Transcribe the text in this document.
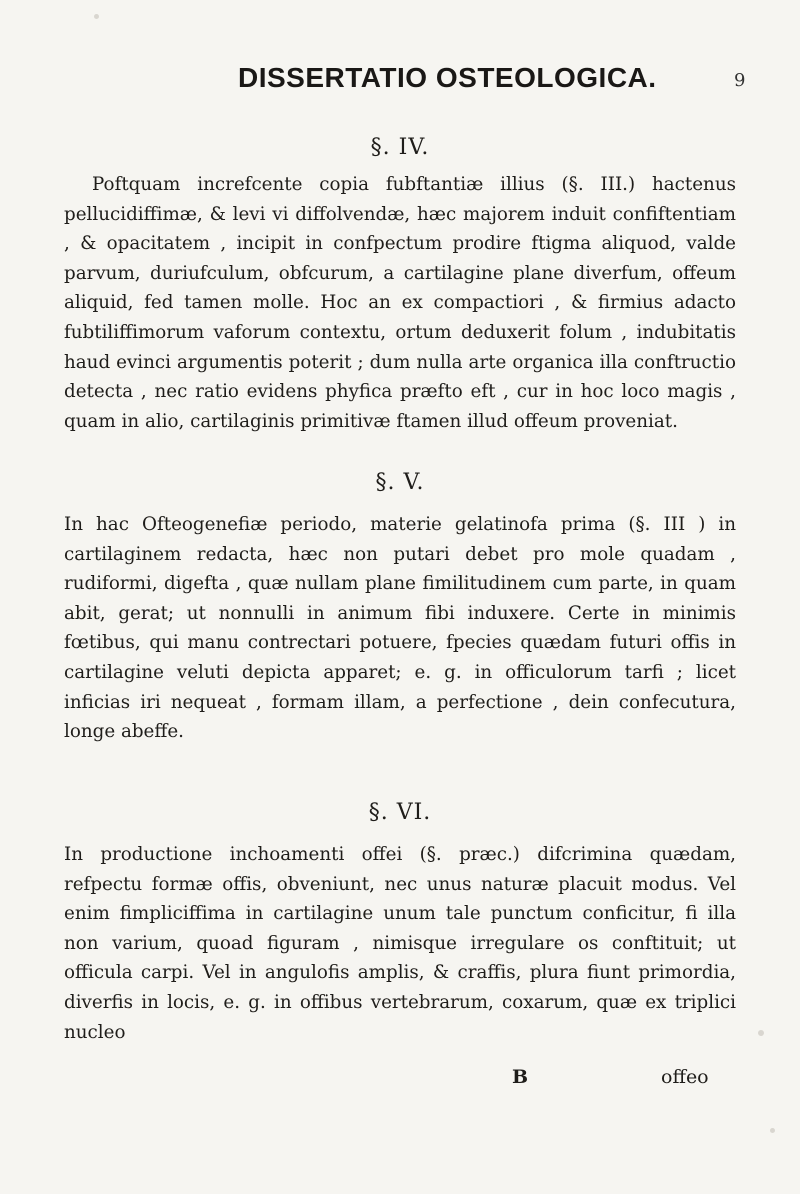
DISSERTATIO OSTEOLOGICA.	9
§. IV.

Poftquam increfcente copia fubftantiæ illius (§. III.) hactenus pellucidiffimæ, & levi vi diffolvendæ, hæc majorem induit confiftentiam , & opacitatem , incipit in confpectum prodire ftigma aliquod, valde parvum, duriufculum, obfcurum, a cartilagine plane diverfum, offeum aliquid, fed tamen molle. Hoc an ex compactiori , & firmius adacto fubtiliffimorum vaforum contextu, ortum deduxerit folum , indubitatis haud evinci argumentis poterit ; dum nulla arte organica illa conftructio detecta , nec ratio evidens phyfica præfto eft , cur in hoc loco magis , quam in alio, cartilaginis primitivæ ftamen illud offeum proveniat.

§. V.

In hac Ofteogenefiæ periodo, materie gelatinofa prima (§. III ) in cartilaginem redacta, hæc non putari debet pro mole quadam , rudiformi, digefta , quæ nullam plane fimilitudinem cum parte, in quam abit, gerat; ut nonnulli in animum fibi induxere. Certe in minimis fœtibus, qui manu contrectari potuere, fpecies quædam futuri offis in cartilagine veluti depicta apparet; e. g. in officulorum tarfi ; licet inficias iri nequeat , formam illam, a perfectione , dein confecutura, longe abeffe.

§. VI.

In productione inchoamenti offei (§. præc.) difcrimina quædam, refpectu formæ offis, obveniunt, nec unus naturæ placuit modus. Vel enim fimpliciffima in cartilagine unum tale punctum conficitur, fi illa non varium, quoad figuram , nimisque irregulare os conftituit; ut officula carpi. Vel in angulofis amplis, & craffis, plura fiunt primordia, diverfis in locis, e. g. in offibus vertebrarum, coxarum, quæ ex triplici nucleo

B	offeo
